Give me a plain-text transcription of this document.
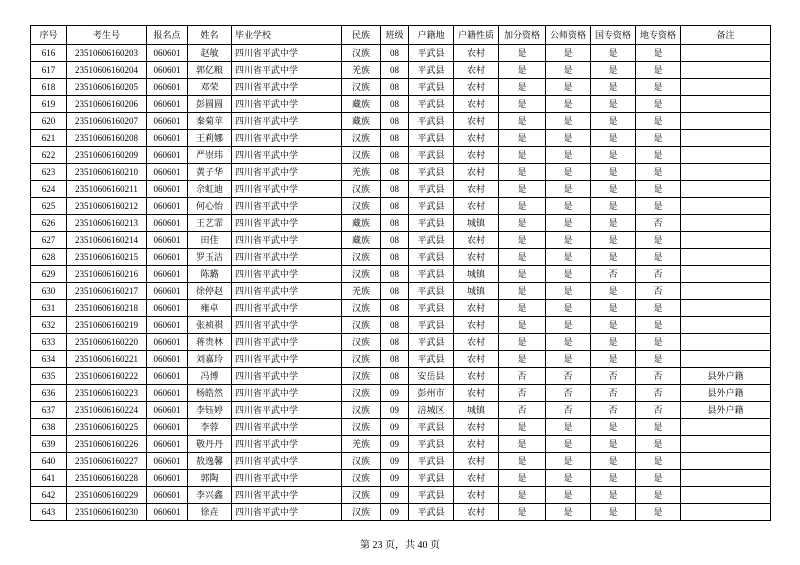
序号	考生号	报名点	姓名	毕业学校	民族	班级	户籍地	户籍性质	加分资格	公师资格	国专资格	地专资格	备注
616	23510606160203	060601	赵敏	四川省平武中学	汉族	08	平武县	农村	是	是	是	是	
617	23510606160204	060601	郭亿粮	四川省平武中学	羌族	08	平武县	农村	是	是	是	是	
618	23510606160205	060601	邓荣	四川省平武中学	汉族	08	平武县	农村	是	是	是	是	
619	23510606160206	060601	彭圆圆	四川省平武中学	藏族	08	平武县	农村	是	是	是	是	
620	23510606160207	060601	秦菊苹	四川省平武中学	藏族	08	平武县	农村	是	是	是	是	
621	23510606160208	060601	王莉娜	四川省平武中学	汉族	08	平武县	农村	是	是	是	是	
622	23510606160209	060601	严崇玮	四川省平武中学	汉族	08	平武县	农村	是	是	是	是	
623	23510606160210	060601	黄子华	四川省平武中学	羌族	08	平武县	农村	是	是	是	是	
624	23510606160211	060601	佘虹迪	四川省平武中学	汉族	08	平武县	农村	是	是	是	是	
625	23510606160212	060601	何心怡	四川省平武中学	汉族	08	平武县	农村	是	是	是	是	
626	23510606160213	060601	王艺霏	四川省平武中学	藏族	08	平武县	城镇	是	是	是	否	
627	23510606160214	060601	田佳	四川省平武中学	藏族	08	平武县	农村	是	是	是	是	
628	23510606160215	060601	罗玉洁	四川省平武中学	汉族	08	平武县	农村	是	是	是	是	
629	23510606160216	060601	陈璐	四川省平武中学	汉族	08	平武县	城镇	是	是	否	否	
630	23510606160217	060601	徐停赵	四川省平武中学	羌族	08	平武县	城镇	是	是	是	否	
631	23510606160218	060601	雍卓	四川省平武中学	汉族	08	平武县	农村	是	是	是	是	
632	23510606160219	060601	张祯祺	四川省平武中学	汉族	08	平武县	农村	是	是	是	是	
633	23510606160220	060601	蒋贵林	四川省平武中学	汉族	08	平武县	农村	是	是	是	是	
634	23510606160221	060601	刘嘉玲	四川省平武中学	汉族	08	平武县	农村	是	是	是	是	
635	23510606160222	060601	冯博	四川省平武中学	汉族	08	安岳县	农村	否	否	否	否	县外户籍
636	23510606160223	060601	杨皓然	四川省平武中学	汉族	09	彭州市	农村	否	否	否	否	县外户籍
637	23510606160224	060601	李钰婷	四川省平武中学	汉族	09	涪城区	城镇	否	否	否	否	县外户籍
638	23510606160225	060601	李蓉	四川省平武中学	汉族	09	平武县	农村	是	是	是	是	
639	23510606160226	060601	敬丹丹	四川省平武中学	羌族	09	平武县	农村	是	是	是	是	
640	23510606160227	060601	敖逸馨	四川省平武中学	汉族	09	平武县	农村	是	是	是	是	
641	23510606160228	060601	郭陶	四川省平武中学	汉族	09	平武县	农村	是	是	是	是	
642	23510606160229	060601	李兴鑫	四川省平武中学	汉族	09	平武县	农村	是	是	是	是	
643	23510606160230	060601	徐垚	四川省平武中学	汉族	09	平武县	农村	是	是	是	是	
第 23 页，共 40 页
